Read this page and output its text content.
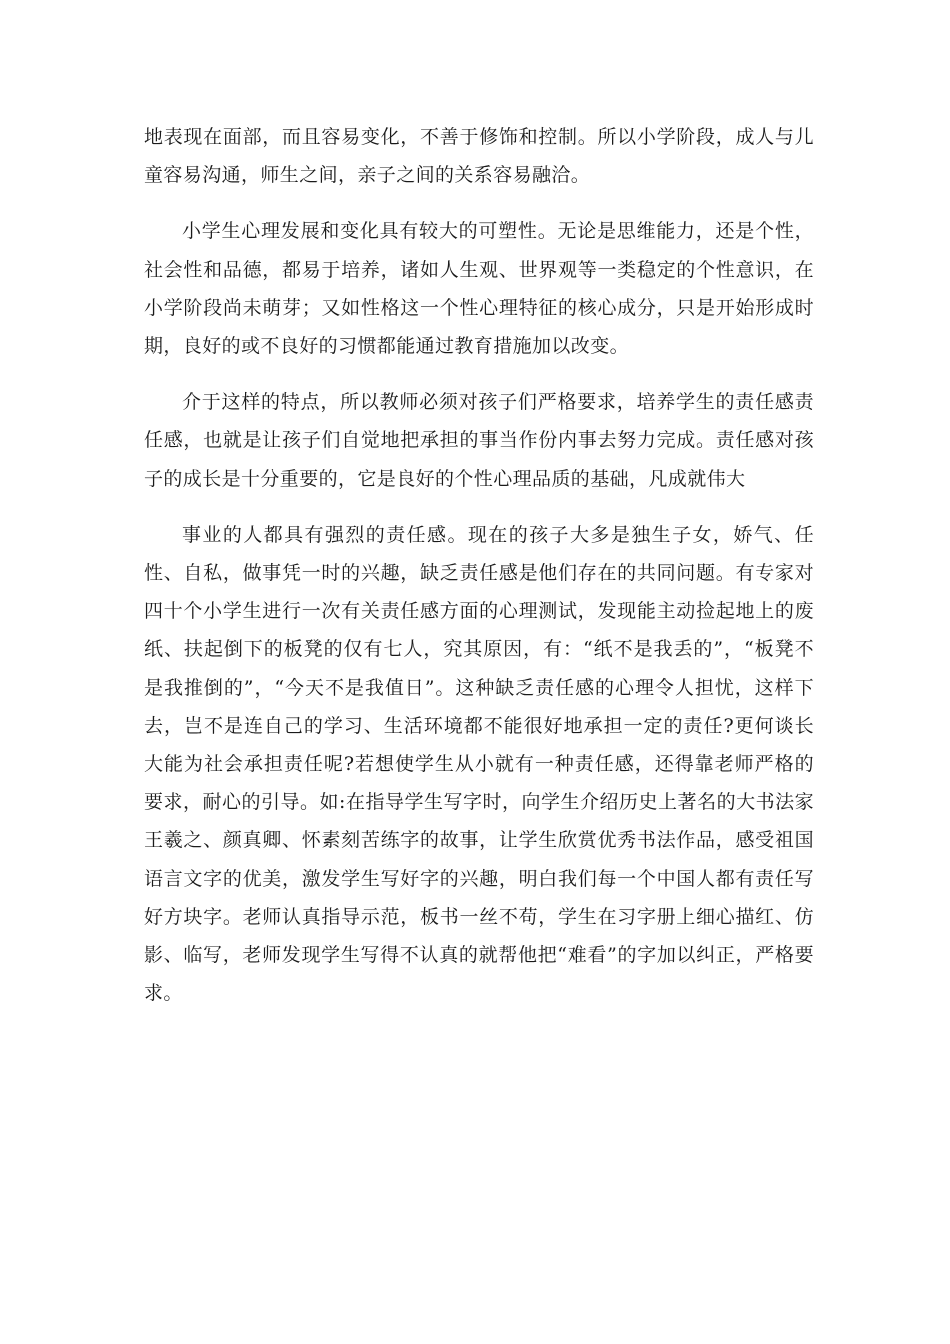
地表现在面部，而且容易变化，不善于修饰和控制。所以小学阶段，成人与儿童容易沟通，师生之间，亲子之间的关系容易融洽。

小学生心理发展和变化具有较大的可塑性。无论是思维能力，还是个性，社会性和品德，都易于培养，诸如人生观、世界观等一类稳定的个性意识，在小学阶段尚未萌芽；又如性格这一个性心理特征的核心成分，只是开始形成时期，良好的或不良好的习惯都能通过教育措施加以改变。

介于这样的特点，所以教师必须对孩子们严格要求，培养学生的责任感责任感，也就是让孩子们自觉地把承担的事当作份内事去努力完成。责任感对孩子的成长是十分重要的，它是良好的个性心理品质的基础，凡成就伟大

事业的人都具有强烈的责任感。现在的孩子大多是独生子女，娇气、任性、自私，做事凭一时的兴趣，缺乏责任感是他们存在的共同问题。有专家对四十个小学生进行一次有关责任感方面的心理测试，发现能主动捡起地上的废纸、扶起倒下的板凳的仅有七人，究其原因，有：“纸不是我丢的”，“板凳不是我推倒的”，“今天不是我值日”。这种缺乏责任感的心理令人担忧，这样下去，岂不是连自己的学习、生活环境都不能很好地承担一定的责任?更何谈长大能为社会承担责任呢?若想使学生从小就有一种责任感，还得靠老师严格的要求，耐心的引导。如:在指导学生写字时，向学生介绍历史上著名的大书法家王羲之、颜真卿、怀素刻苦练字的故事，让学生欣赏优秀书法作品，感受祖国语言文字的优美，激发学生写好字的兴趣，明白我们每一个中国人都有责任写好方块字。老师认真指导示范，板书一丝不苟，学生在习字册上细心描红、仿影、临写，老师发现学生写得不认真的就帮他把“难看”的字加以纠正，严格要求。
